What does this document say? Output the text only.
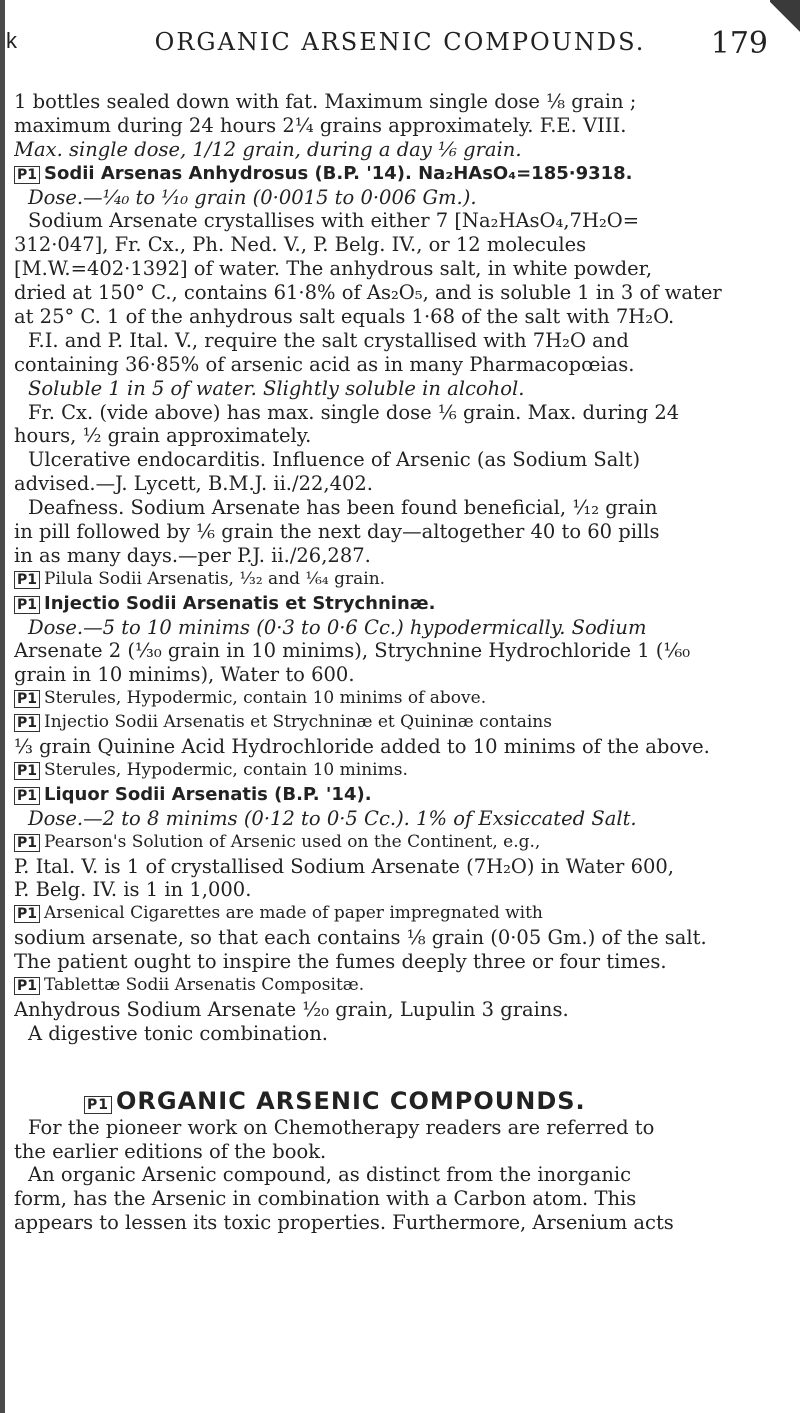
k	ORGANIC ARSENIC COMPOUNDS.	179
1 bottles sealed down with fat. Maximum single dose ⅛ grain ;
maximum during 24 hours 2¼ grains approximately. F.E. VIII.
Max. single dose, 1/12 grain, during a day ⅙ grain.
P1 Sodii Arsenas Anhydrosus (B.P. '14). Na₂HAsO₄=185·9318.
Dose.—¹⁄₄₀ to ¹⁄₁₀ grain (0·0015 to 0·006 Gm.).
Sodium Arsenate crystallises with either 7 [Na₂HAsO₄,7H₂O=
312·047], Fr. Cx., Ph. Ned. V., P. Belg. IV., or 12 molecules
[M.W.=402·1392] of water. The anhydrous salt, in white powder,
dried at 150° C., contains 61·8% of As₂O₅, and is soluble 1 in 3 of water
at 25° C. 1 of the anhydrous salt equals 1·68 of the salt with 7H₂O.
F.I. and P. Ital. V., require the salt crystallised with 7H₂O and
containing 36·85% of arsenic acid as in many Pharmacopœias.
Soluble 1 in 5 of water. Slightly soluble in alcohol.
Fr. Cx. (vide above) has max. single dose ⅙ grain. Max. during 24
hours, ½ grain approximately.
Ulcerative endocarditis. Influence of Arsenic (as Sodium Salt)
advised.—J. Lycett, B.M.J. ii./22,402.
Deafness. Sodium Arsenate has been found beneficial, ¹⁄₁₂ grain
in pill followed by ⅙ grain the next day—altogether 40 to 60 pills
in as many days.—per P.J. ii./26,287.
P1 Pilula Sodii Arsenatis, ¹⁄₃₂ and ¹⁄₆₄ grain.
P1 Injectio Sodii Arsenatis et Strychninæ.
Dose.—5 to 10 minims (0·3 to 0·6 Cc.) hypodermically. Sodium
Arsenate 2 (¹⁄₃₀ grain in 10 minims), Strychnine Hydrochloride 1 (¹⁄₆₀
grain in 10 minims), Water to 600.
P1 Sterules, Hypodermic, contain 10 minims of above.
P1 Injectio Sodii Arsenatis et Strychninæ et Quininæ contains
⅓ grain Quinine Acid Hydrochloride added to 10 minims of the above.
P1 Sterules, Hypodermic, contain 10 minims.
P1 Liquor Sodii Arsenatis (B.P. '14).
Dose.—2 to 8 minims (0·12 to 0·5 Cc.). 1% of Exsiccated Salt.
P1 Pearson's Solution of Arsenic used on the Continent, e.g.,
P. Ital. V. is 1 of crystallised Sodium Arsenate (7H₂O) in Water 600,
P. Belg. IV. is 1 in 1,000.
P1 Arsenical Cigarettes are made of paper impregnated with
sodium arsenate, so that each contains ⅛ grain (0·05 Gm.) of the salt.
The patient ought to inspire the fumes deeply three or four times.
P1 Tablettæ Sodii Arsenatis Compositæ.
Anhydrous Sodium Arsenate ¹⁄₂₀ grain, Lupulin 3 grains.
A digestive tonic combination.
P1 ORGANIC ARSENIC COMPOUNDS.
For the pioneer work on Chemotherapy readers are referred to
the earlier editions of the book.
An organic Arsenic compound, as distinct from the inorganic
form, has the Arsenic in combination with a Carbon atom. This
appears to lessen its toxic properties. Furthermore, Arsenium acts
